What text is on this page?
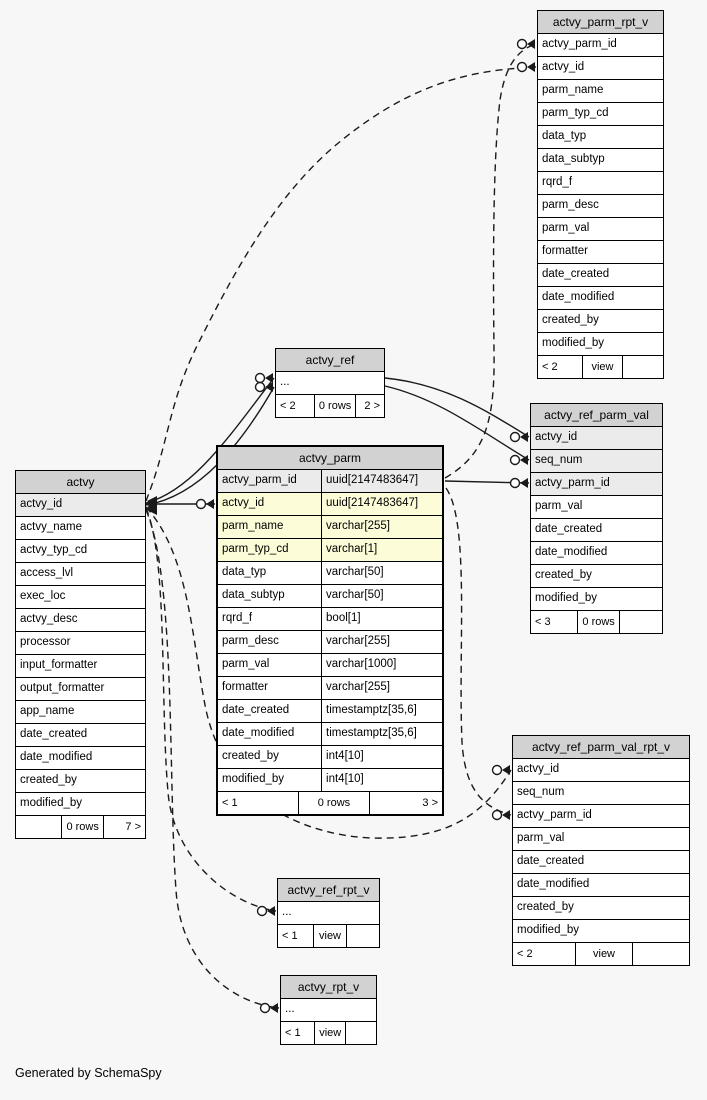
actvy_parm_rpt_v
actvy_parm_id
actvy_id
parm_name
parm_typ_cd
data_typ
data_subtyp
rqrd_f
parm_desc
parm_val
formatter
date_created
date_modified
created_by
modified_by
< 2	view
actvy_ref
...
< 2	0 rows	2 >
actvy_ref_parm_val
actvy_id
seq_num
actvy_parm_id
parm_val
date_created
date_modified
created_by
modified_by
< 3	0 rows
actvy_parm
actvy_parm_id	uuid[2147483647]
actvy_id	uuid[2147483647]
parm_name	varchar[255]
parm_typ_cd	varchar[1]
data_typ	varchar[50]
data_subtyp	varchar[50]
rqrd_f	bool[1]
parm_desc	varchar[255]
parm_val	varchar[1000]
formatter	varchar[255]
date_created	timestamptz[35,6]
date_modified	timestamptz[35,6]
created_by	int4[10]
modified_by	int4[10]
< 1	0 rows	3 >
actvy
actvy_id
actvy_name
actvy_typ_cd
access_lvl
exec_loc
actvy_desc
processor
input_formatter
output_formatter
app_name
date_created
date_modified
created_by
modified_by
0 rows	7 >
actvy_ref_parm_val_rpt_v
actvy_id
seq_num
actvy_parm_id
parm_val
date_created
date_modified
created_by
modified_by
< 2	view
actvy_ref_rpt_v
...
< 1	view
actvy_rpt_v
...
< 1	view
Generated by SchemaSpy
